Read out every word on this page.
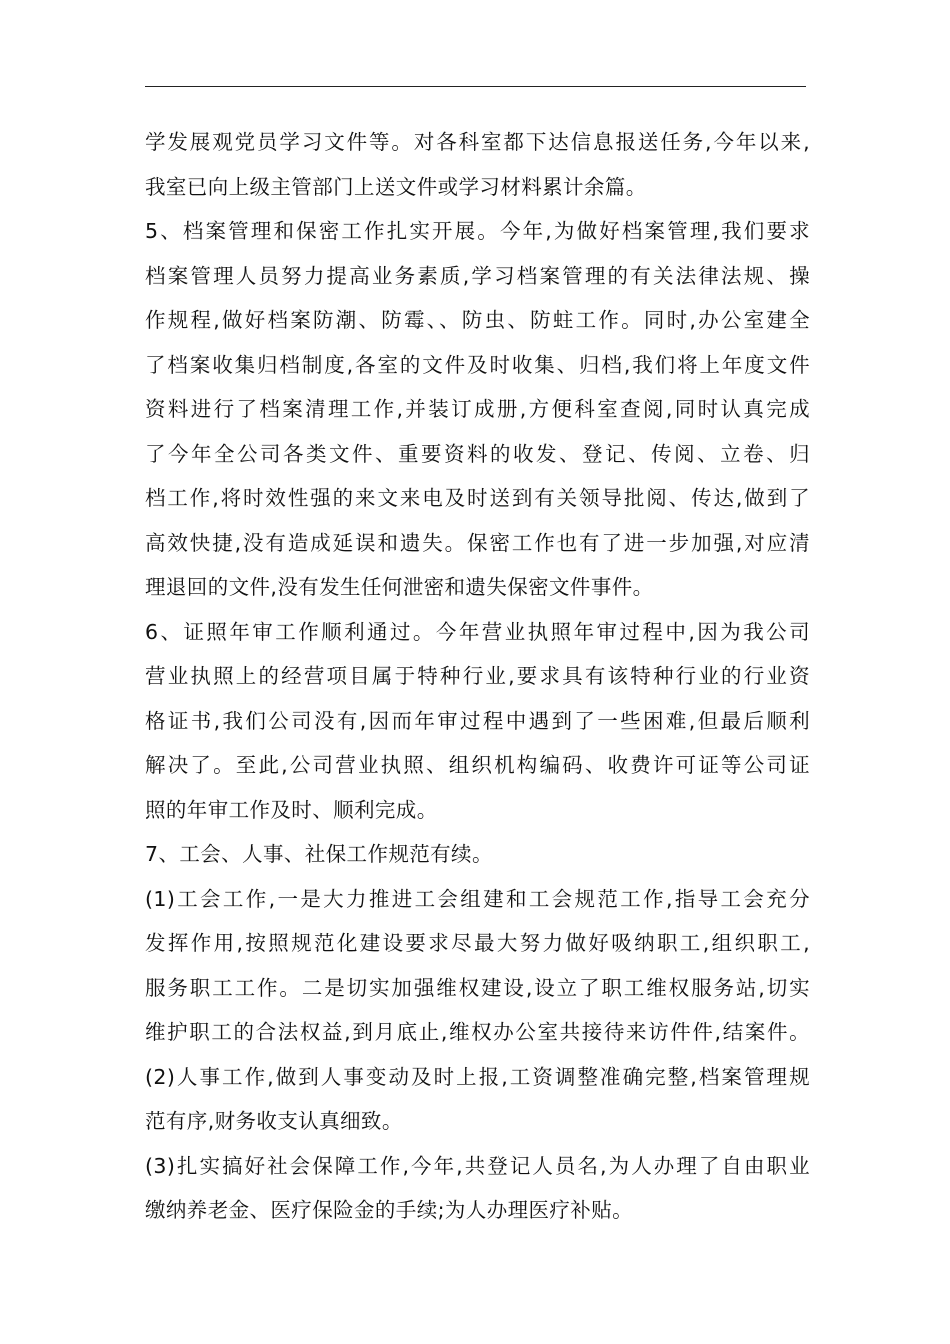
学发展观党员学习文件等。对各科室都下达信息报送任务,今年以来,
我室已向上级主管部门上送文件或学习材料累计余篇。
5、档案管理和保密工作扎实开展。今年,为做好档案管理,我们要求
档案管理人员努力提高业务素质,学习档案管理的有关法律法规、操
作规程,做好档案防潮、防霉、、防虫、防蛀工作。同时,办公室建全
了档案收集归档制度,各室的文件及时收集、归档,我们将上年度文件
资料进行了档案清理工作,并装订成册,方便科室查阅,同时认真完成
了今年全公司各类文件、重要资料的收发、登记、传阅、立卷、归
档工作,将时效性强的来文来电及时送到有关领导批阅、传达,做到了
高效快捷,没有造成延误和遗失。保密工作也有了进一步加强,对应清
理退回的文件,没有发生任何泄密和遗失保密文件事件。
6、证照年审工作顺利通过。今年营业执照年审过程中,因为我公司
营业执照上的经营项目属于特种行业,要求具有该特种行业的行业资
格证书,我们公司没有,因而年审过程中遇到了一些困难,但最后顺利
解决了。至此,公司营业执照、组织机构编码、收费许可证等公司证
照的年审工作及时、顺利完成。
7、工会、人事、社保工作规范有续。
(1)工会工作,一是大力推进工会组建和工会规范工作,指导工会充分
发挥作用,按照规范化建设要求尽最大努力做好吸纳职工,组织职工,
服务职工工作。二是切实加强维权建设,设立了职工维权服务站,切实
维护职工的合法权益,到月底止,维权办公室共接待来访件件,结案件。
(2)人事工作,做到人事变动及时上报,工资调整准确完整,档案管理规
范有序,财务收支认真细致。
(3)扎实搞好社会保障工作,今年,共登记人员名,为人办理了自由职业
缴纳养老金、医疗保险金的手续;为人办理医疗补贴。
